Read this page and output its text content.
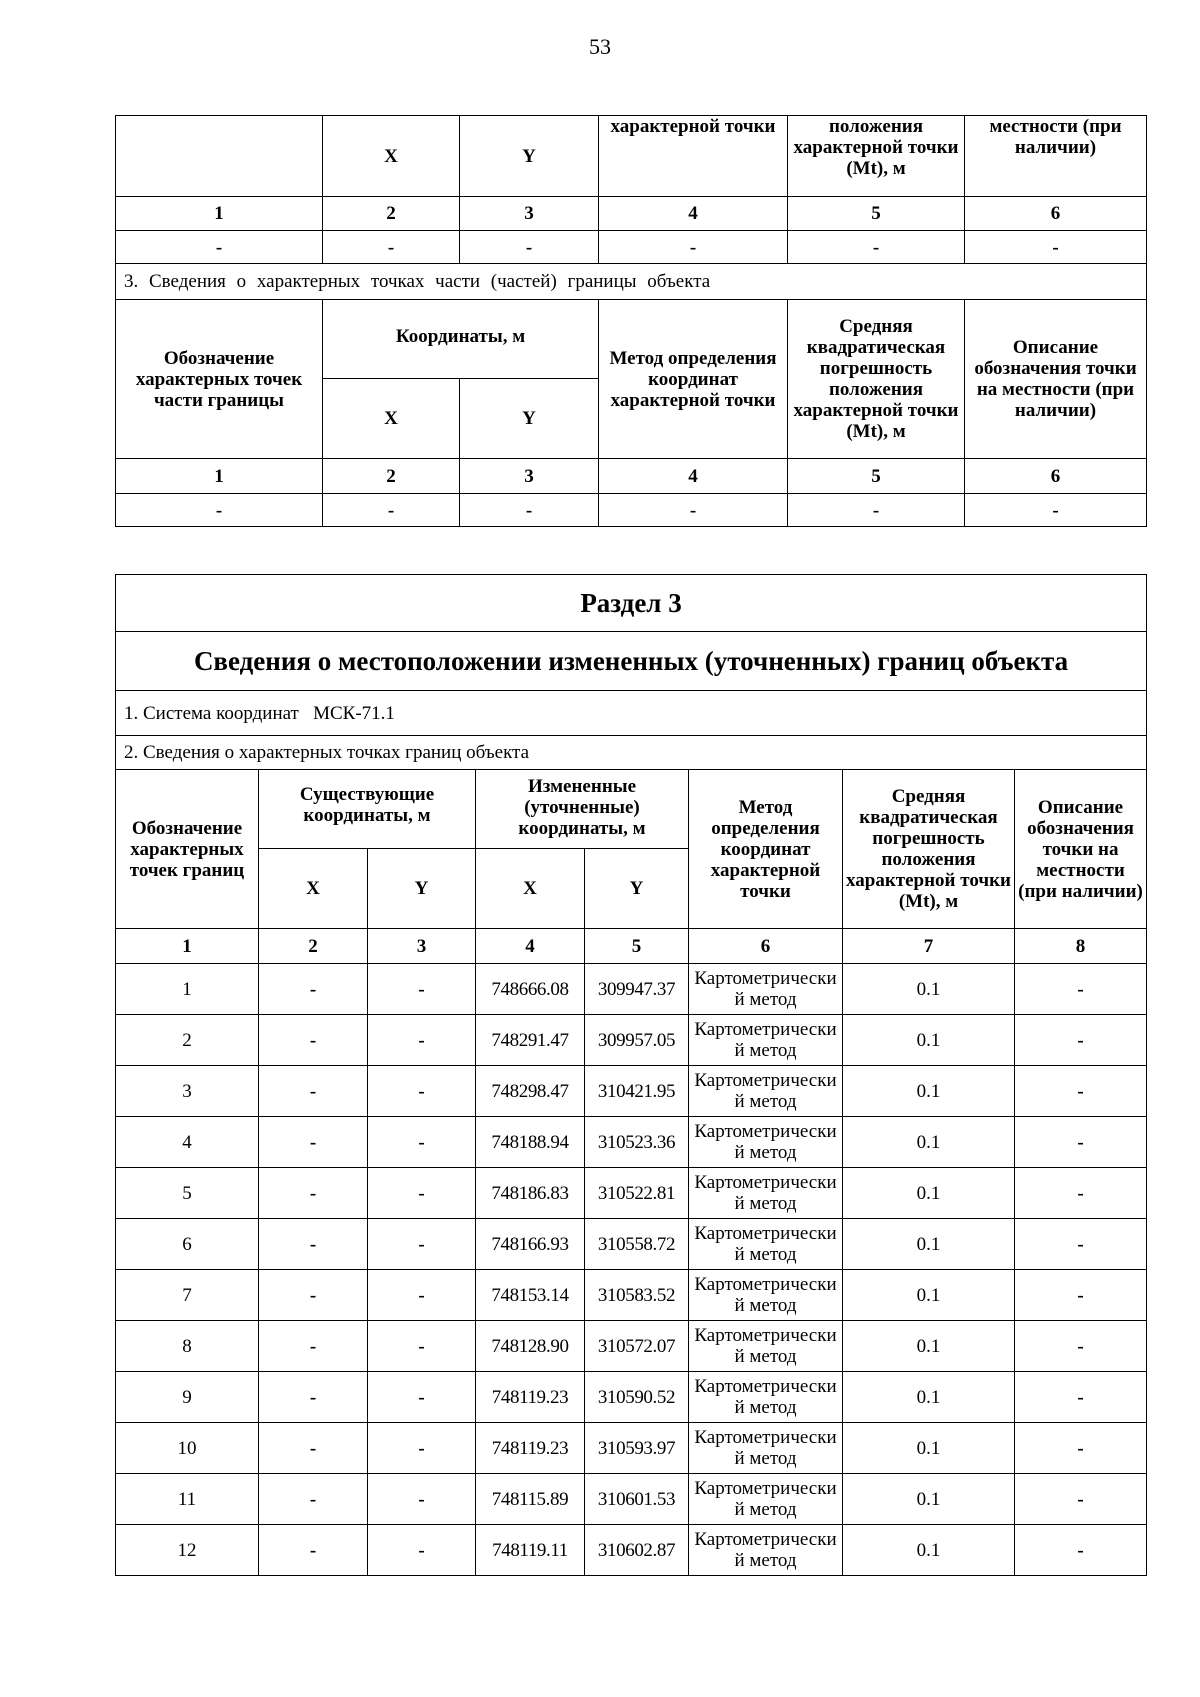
53
	X	Y	характерной точки	положения характерной точки (Mt), м	местности (при наличии)
1	2	3	4	5	6
-	-	-	-	-	-
3. Сведения о характерных точках части (частей) границы объекта					
Обозначение характерных точек части границы	Координаты, м		Метод определения координат характерной точки	Средняя квадратическая погрешность положения характерной точки (Mt), м	Описание обозначения точки на местности (при наличии)
	X	Y			
1	2	3	4	5	6
-	-	-	-	-	-
Раздел 3							
Сведения о местоположении измененных (уточненных) границ объекта							
1. Система координат   МСК-71.1							
2. Сведения о характерных точках границ объекта							
Обозначение характерных точек границ	Существующие координаты, м		Измененные (уточненные) координаты, м		Метод определения координат характерной точки	Средняя квадратическая погрешность положения характерной точки (Mt), м	Описание обозначения точки на местности (при наличии)
	X	Y	X	Y			
1	2	3	4	5	6	7	8
1	-	-	748666.08	309947.37	Картометрический метод	0.1	-
2	-	-	748291.47	309957.05	Картометрический метод	0.1	-
3	-	-	748298.47	310421.95	Картометрический метод	0.1	-
4	-	-	748188.94	310523.36	Картометрический метод	0.1	-
5	-	-	748186.83	310522.81	Картометрический метод	0.1	-
6	-	-	748166.93	310558.72	Картометрический метод	0.1	-
7	-	-	748153.14	310583.52	Картометрический метод	0.1	-
8	-	-	748128.90	310572.07	Картометрический метод	0.1	-
9	-	-	748119.23	310590.52	Картометрический метод	0.1	-
10	-	-	748119.23	310593.97	Картометрический метод	0.1	-
11	-	-	748115.89	310601.53	Картометрический метод	0.1	-
12	-	-	748119.11	310602.87	Картометрический метод	0.1	-
